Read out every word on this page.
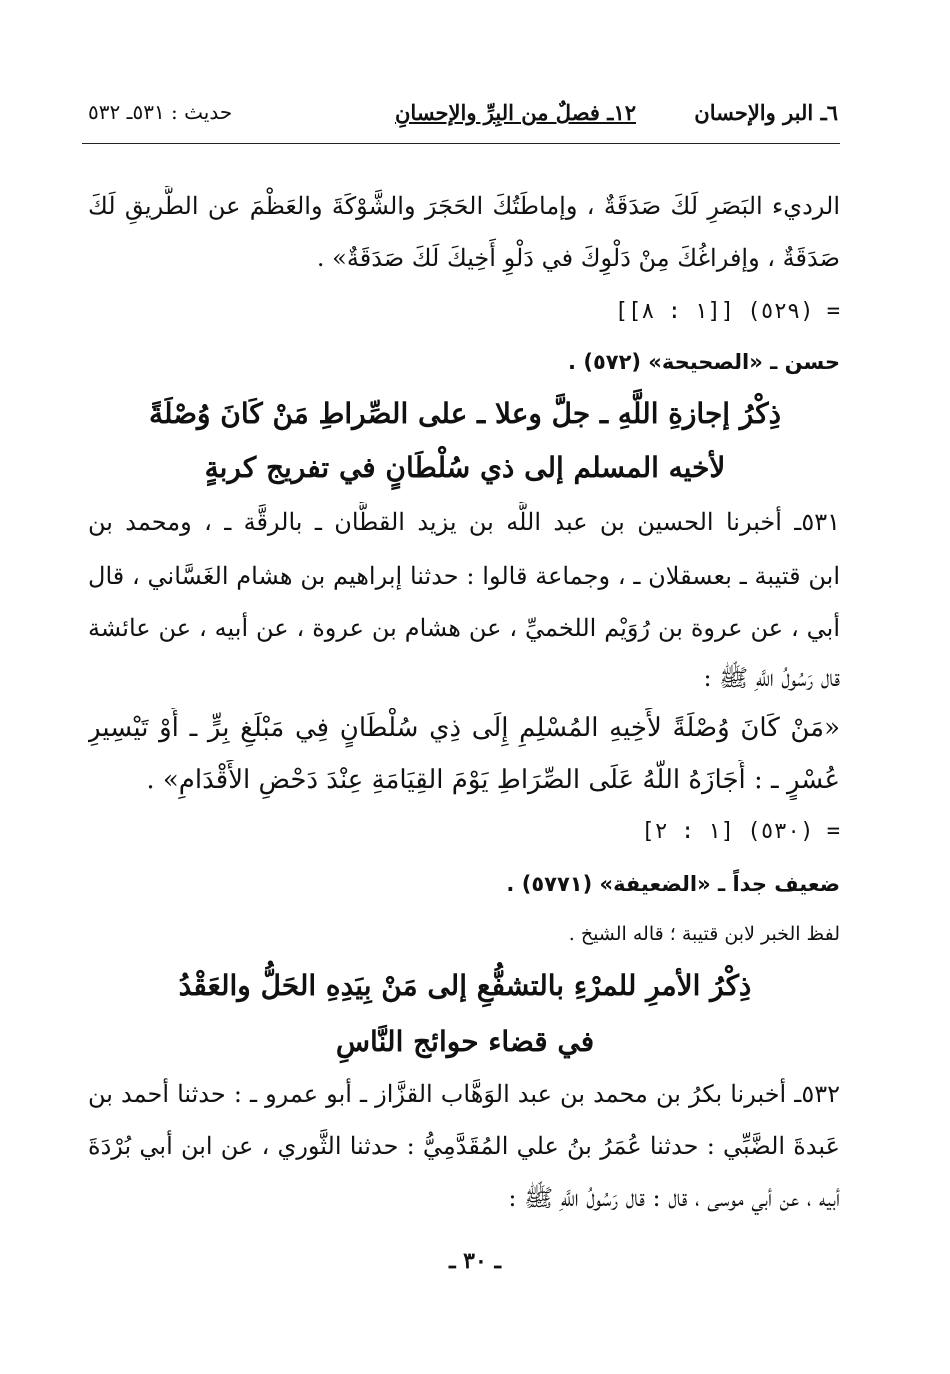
٦ـ البر والإحسان
١٢ـ فصلٌ من البِرِّ والإحسانِ
حديث : ٥٣١ـ ٥٣٢
الرديء البَصَرِ لَكَ صَدَقَةٌ ، وإماطَتُكَ الحَجَرَ والشَّوْكَةَ والعَظْمَ عن الطَّريقِ لَكَ
صَدَقَةٌ ، وإفراغُكَ مِنْ دَلْوِكَ في دَلْوِ أَخِيكَ لَكَ صَدَقَةٌ» .
= (٥٢٩) [[١ : ٨]]
حسن ـ «الصحيحة» (٥٧٢) .
ذِكْرُ إجازةِ اللَّهِ ـ جلَّ وعلا ـ على الصِّراطِ مَنْ كَانَ وُصْلَةً
لأخيه المسلم إلى ذي سُلْطَانٍ في تفريج كربةٍ
٥٣١ـ أخبرنا الحسين بن عبد اللَّه بن يزيد القطَّان ـ بالرقَّة ـ ، ومحمد بن
ابن قتيبة ـ بعسقلان ـ ، وجماعة قالوا : حدثنا إبراهيم بن هشام الغَسَّاني ، قال
أبي ، عن عروة بن رُوَيْم اللخميِّ ، عن هشام بن عروة ، عن أبيه ، عن عائشة
قال رَسُولُ اللَّهِ ﷺ :
«مَنْ كَانَ وُصْلَةً لأَخِيهِ المُسْلِمِ إِلَى ذِي سُلْطَانٍ فِي مَبْلَغِ بِرٍّ ـ أَوْ تَيْسِيرِ
عُسْرٍ ـ : أَجَازَهُ اللَّهُ عَلَى الصِّرَاطِ يَوْمَ القِيَامَةِ عِنْدَ دَحْضِ الأَقْدَامِ» .
= (٥٣٠) [١ : ٢]
ضعيف جداً ـ «الضعيفة» (٥٧٧١) .
لفظ الخبر لابن قتيبة ؛ قاله الشيخ .
ذِكْرُ الأمرِ للمرْءِ بالتشفُّعِ إلى مَنْ بِيَدِهِ الحَلُّ والعَقْدُ
في قضاء حوائج النَّاسِ
٥٣٢ـ أخبرنا بكرُ بن محمد بن عبد الوَهَّاب القزَّاز ـ أبو عمرو ـ : حدثنا أحمد بن
عَبدةَ الضَّبِّي : حدثنا عُمَرُ بنُ علي المُقَدَّمِيُّ : حدثنا الثَّوري ، عن ابن أبي بُرْدَةَ
أبيه ، عن أبي موسى ، قال : قال رَسُولُ اللَّهِ ﷺ :
ـ ٣٠ ـ
